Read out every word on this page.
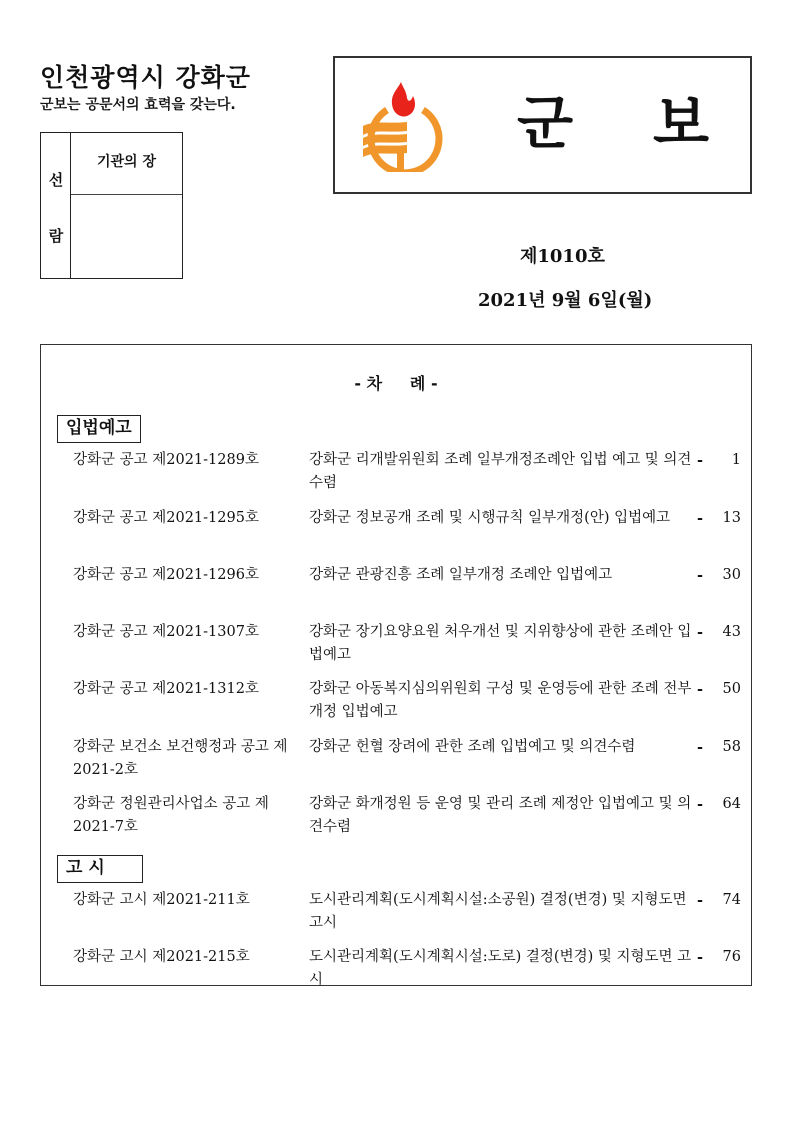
인천광역시 강화군
군보는 공문서의 효력을 갖는다.
선
람
기관의 장
군 보
제1010호
2021년 9월 6일(월)
- 차     례 -
입법예고
강화군 공고 제2021-1289호	강화군 리개발위원회 조례 일부개정조례안 입법 예고 및 의견수렴
-	1
강화군 공고 제2021-1295호	강화군 정보공개 조례 및 시행규칙 일부개정(안) 입법예고	-	13
강화군 공고 제2021-1296호	강화군 관광진흥 조례 일부개정 조례안 입법예고	-	30
강화군 공고 제2021-1307호	강화군 장기요양요원 처우개선 및 지위향상에 관한 조례안 입법예고
-	43
강화군 공고 제2021-1312호	강화군 아동복지심의위원회 구성 및 운영등에 관한 조례 전부개정 입법예고
-	50
강화군 보건소 보건행정과 공고 제2021-2호
강화군 헌혈 장려에 관한 조례 입법예고 및 의견수렴	-	58
강화군 정원관리사업소 공고 제2021-7호
강화군 화개정원 등 운영 및 관리 조례 제정안 입법예고 및 의견수렴
-	64
고 시
강화군 고시 제2021-211호	도시관리계획(도시계획시설:소공원) 결정(변경) 및 지형도면 고시
-	74
강화군 고시 제2021-215호	도시관리계획(도시계획시설:도로) 결정(변경) 및 지형도면 고시
-	76
